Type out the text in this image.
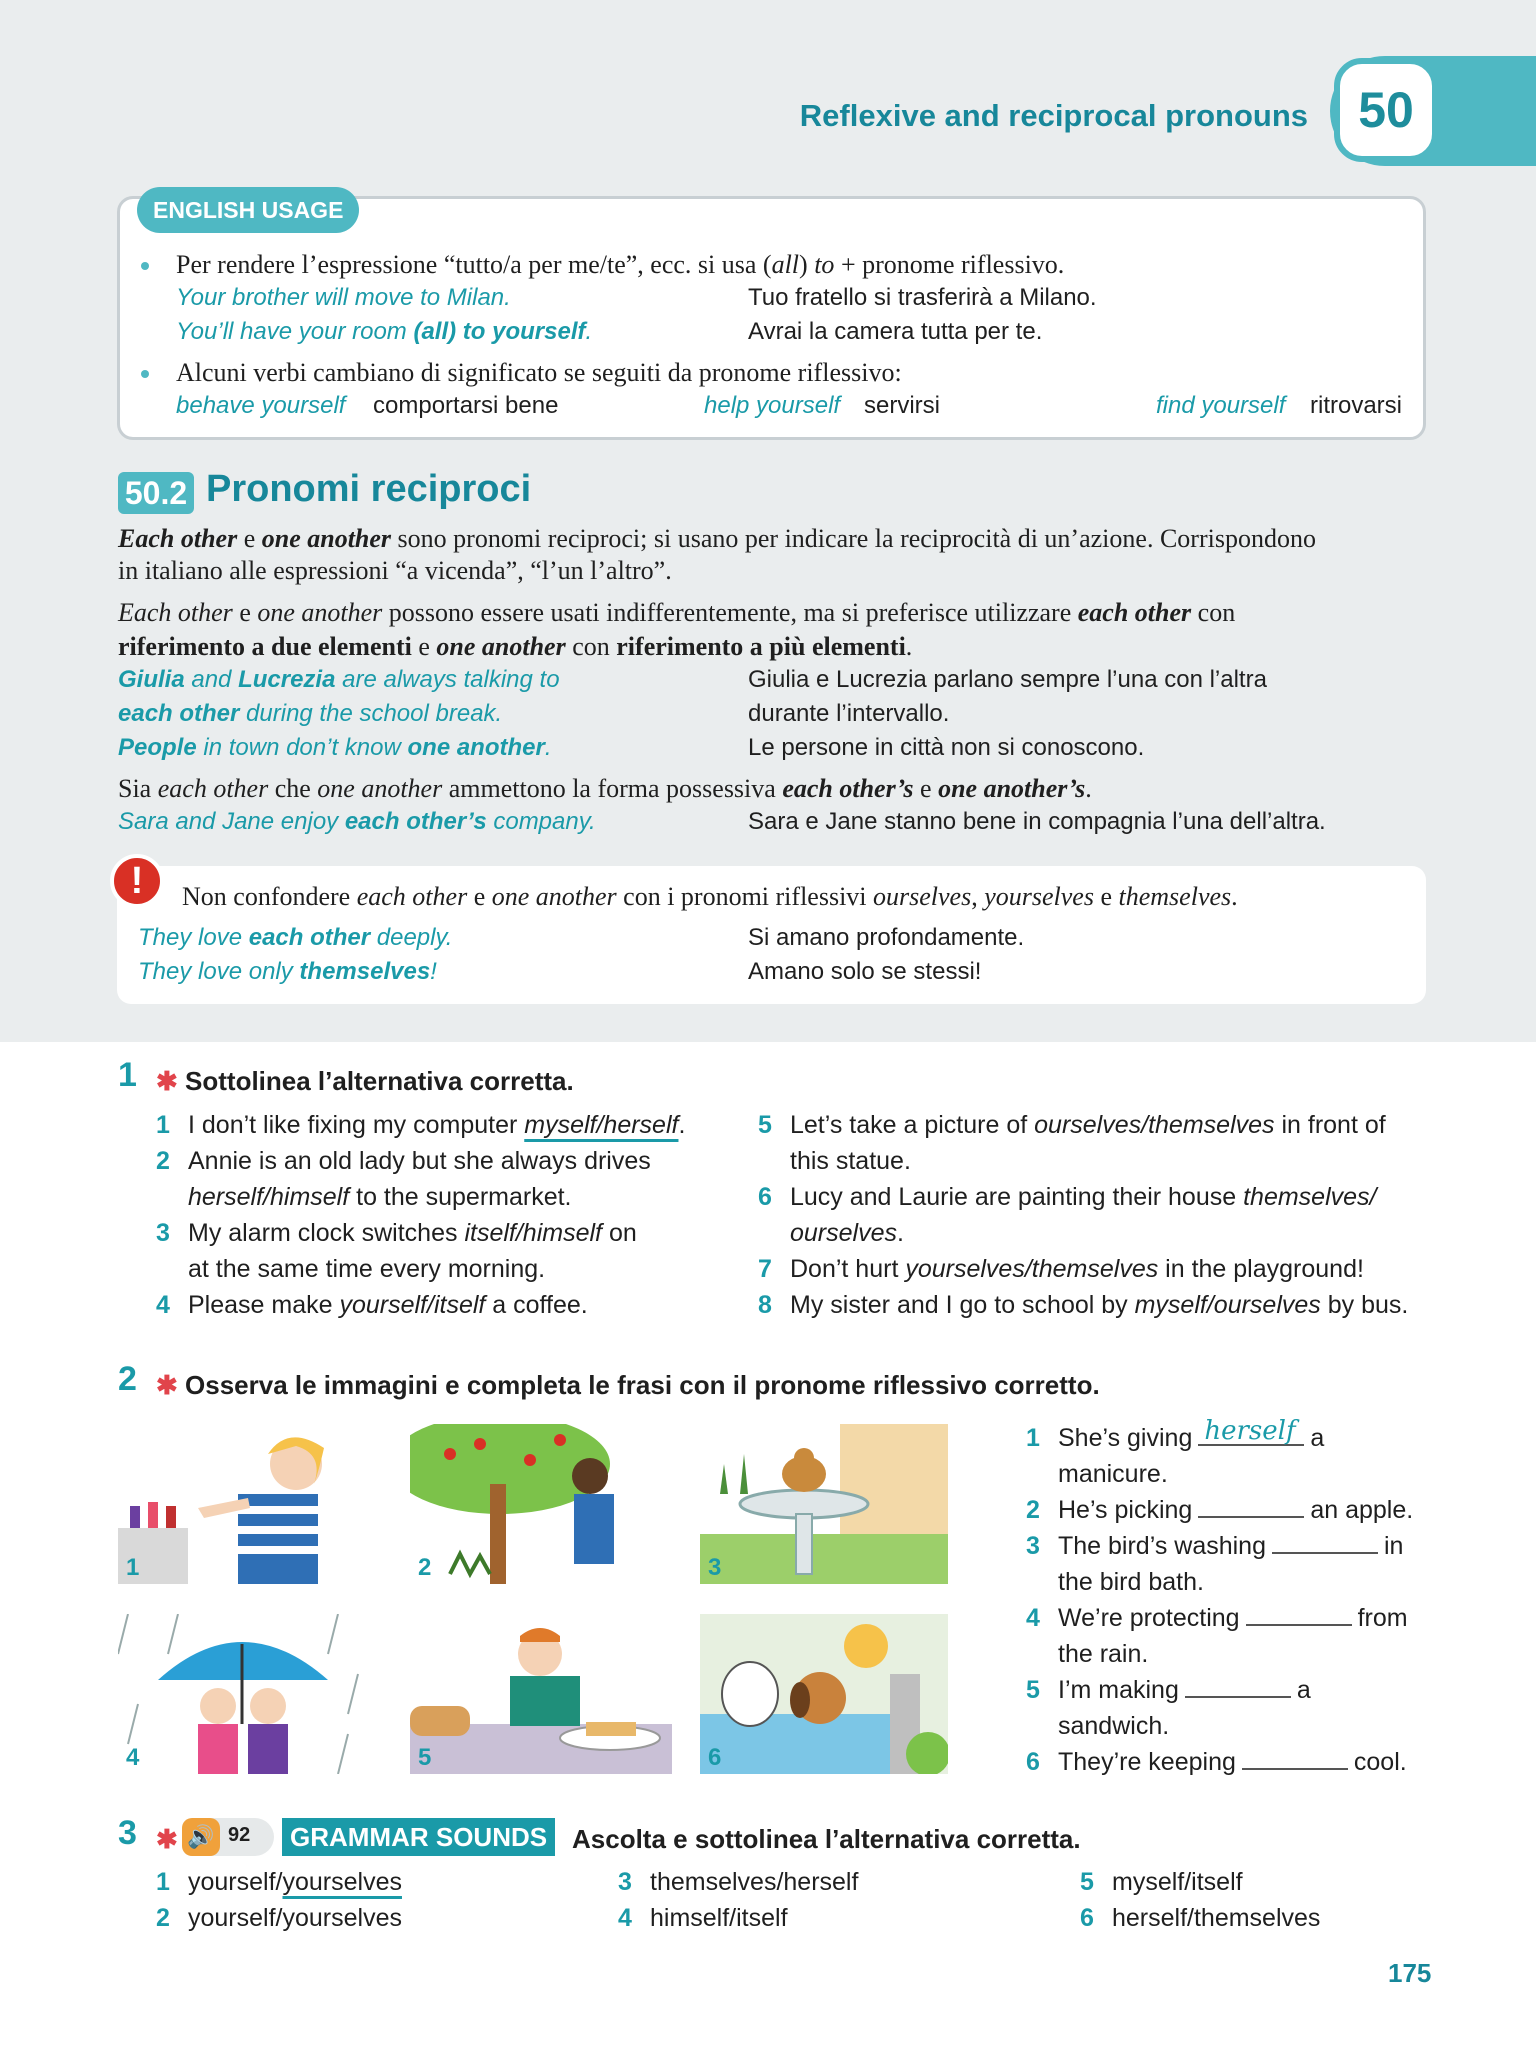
50
Reflexive and reciprocal pronouns
ENGLISH USAGE
Per rendere l’espressione “tutto/a per me/te”, ecc. si usa (all) to + pronome riflessivo.
Your brother will move to Milan.	Tuo fratello si trasferirà a Milano.
You’ll have your room (all) to yourself.	Avrai la camera tutta per te.
Alcuni verbi cambiano di significato se seguiti da pronome riflessivo:
behave yourself comportarsi bene	help yourself servirsi	find yourself ritrovarsi
50.2 Pronomi reciproci
Each other e one another sono pronomi reciproci; si usano per indicare la reciprocità di un’azione. Corrispondono
in italiano alle espressioni “a vicenda”, “l’un l’altro”.
Each other e one another possono essere usati indifferentemente, ma si preferisce utilizzare each other con
riferimento a due elementi e one another con riferimento a più elementi.
Giulia and Lucrezia are always talking to	Giulia e Lucrezia parlano sempre l’una con l’altra
each other during the school break.	durante l’intervallo.
People in town don’t know one another.	Le persone in città non si conoscono.
Sia each other che one another ammettono la forma possessiva each other’s e one another’s.
Sara and Jane enjoy each other’s company.	Sara e Jane stanno bene in compagnia l’una dell’altra.
!	Non confondere each other e one another con i pronomi riflessivi ourselves, yourselves e themselves.
They love each other deeply.	Si amano profondamente.
They love only themselves!	Amano solo se stessi!
1 ✱ Sottolinea l’alternativa corretta.
1 I don’t like fixing my computer myself/herself.
2 Annie is an old lady but she always drives
herself/himself to the supermarket.
3 My alarm clock switches itself/himself on
at the same time every morning.
4 Please make yourself/itself a coffee.
5 Let’s take a picture of ourselves/themselves in front of
this statue.
6 Lucy and Laurie are painting their house themselves/
ourselves.
7 Don’t hurt yourselves/themselves in the playground!
8 My sister and I go to school by myself/ourselves by bus.
2 ✱ Osserva le immagini e completa le frasi con il pronome riflessivo corretto.
1	2	3
4	5	6
1 She’s giving herself a
manicure.
2 He’s picking	an apple.
3 The bird’s washing	in
the bird bath.
4 We’re protecting	from
the rain.
5 I’m making	a
sandwich.
6 They’re keeping	cool.
3 ✱ 🔊 92	GRAMMAR SOUNDS Ascolta e sottolinea l’alternativa corretta.
1 yourself/yourselves
2 yourself/yourselves
3 themselves/herself
4 himself/itself
5 myself/itself
6 herself/themselves
175
